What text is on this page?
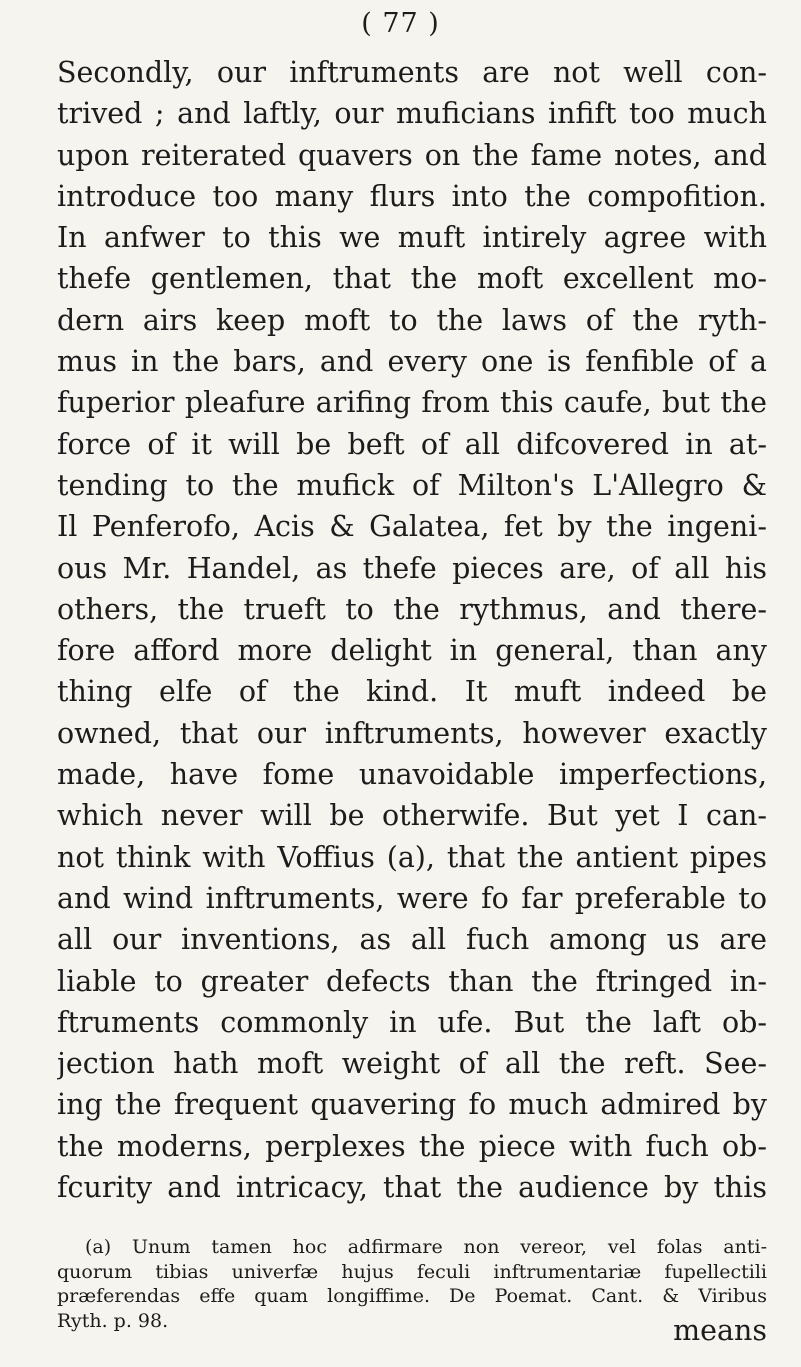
( 77 )
Secondly, our inftruments are not well con-
trived ; and laftly, our muficians infift too much
upon reiterated quavers on the fame notes, and
introduce too many flurs into the compofition.
In anfwer to this we muft intirely agree with
thefe gentlemen, that the moft excellent mo-
dern airs keep moft to the laws of the ryth-
mus in the bars, and every one is fenfible of a
fuperior pleafure arifing from this caufe, but the
force of it will be beft of all difcovered in at-
tending to the mufick of Milton's L'Allegro &
Il Penferofo, Acis & Galatea, fet by the ingeni-
ous Mr. Handel, as thefe pieces are, of all his
others, the trueft to the rythmus, and there-
fore afford more delight in general, than any
thing elfe of the kind. It muft indeed be
owned, that our inftruments, however exactly
made, have fome unavoidable imperfections,
which never will be otherwife. But yet I can-
not think with Voffius (a), that the antient pipes
and wind inftruments, were fo far preferable to
all our inventions, as all fuch among us are
liable to greater defects than the ftringed in-
ftruments commonly in ufe. But the laft ob-
jection hath moft weight of all the reft. See-
ing the frequent quavering fo much admired by
the moderns, perplexes the piece with fuch ob-
fcurity and intricacy, that the audience by this
(a) Unum tamen hoc adfirmare non vereor, vel folas anti-
quorum tibias univerfæ hujus feculi inftrumentariæ fupellectili
præferendas effe quam longiffime. De Poemat. Cant. & Viribus
Ryth. p. 98.	means
